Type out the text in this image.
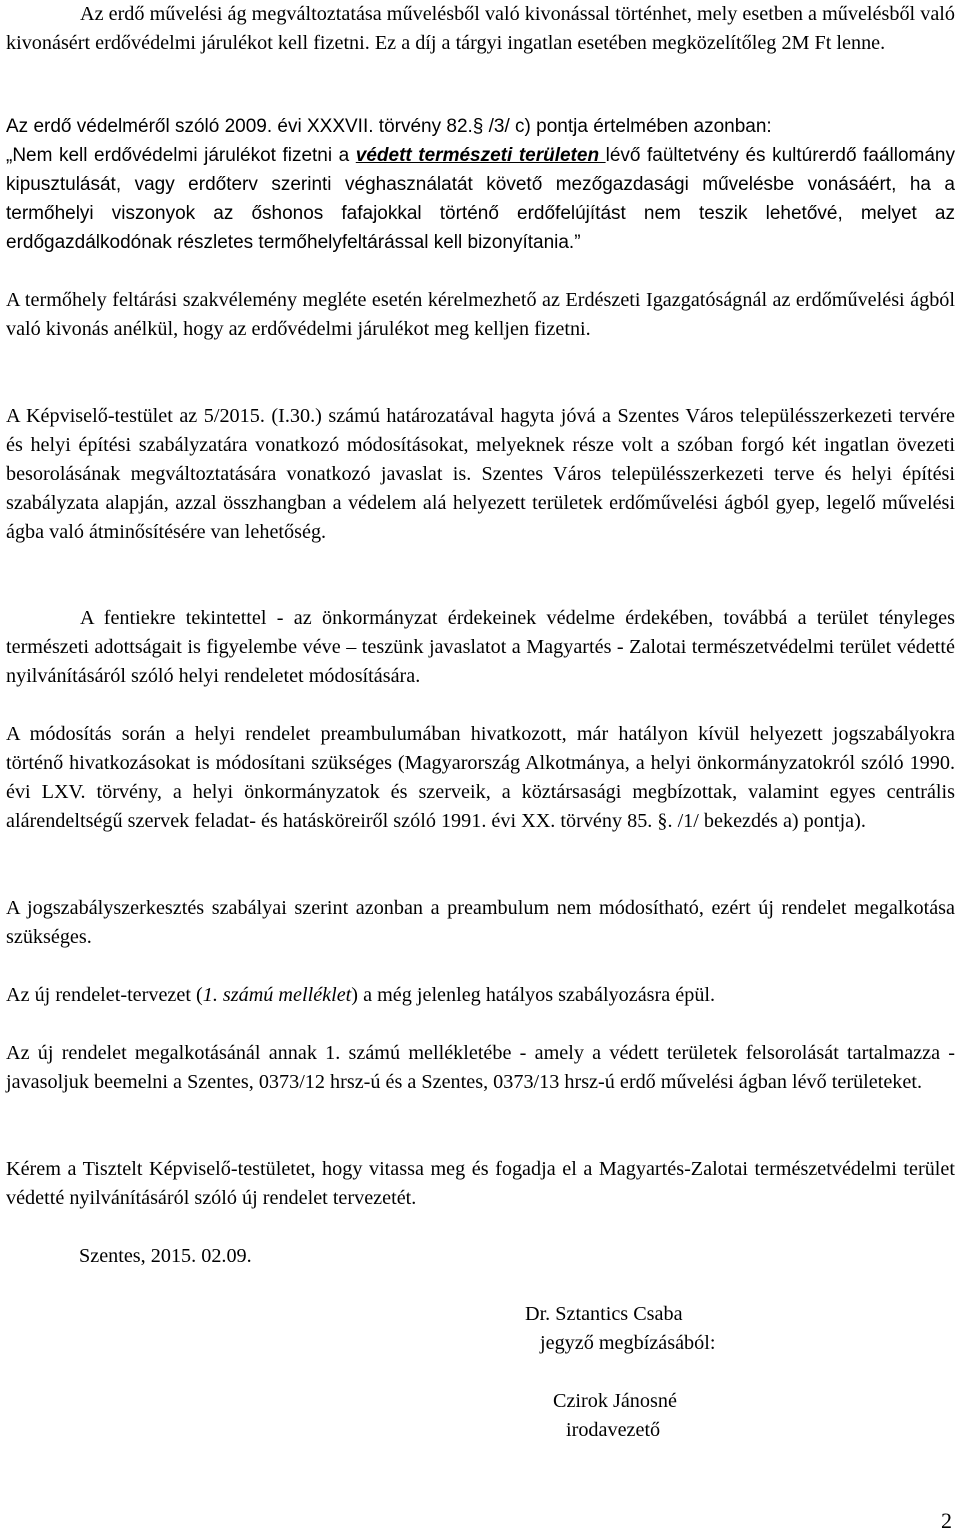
Az erdő művelési ág megváltoztatása művelésből való kivonással történhet, mely esetben a művelésből való kivonásért erdővédelmi járulékot kell fizetni. Ez a díj a tárgyi ingatlan esetében megközelítőleg 2M Ft lenne.

Az erdő védelméről szóló 2009. évi XXXVII. törvény 82.§ /3/ c) pontja értelmében azonban:

„Nem kell erdővédelmi járulékot fizetni a védett természeti területen lévő faültetvény és kultúrerdő faállomány kipusztulását, vagy erdőterv szerinti véghasználatát követő mezőgazdasági művelésbe vonásáért, ha a termőhelyi viszonyok az őshonos fafajokkal történő erdőfelújítást nem teszik lehetővé, melyet az erdőgazdálkodónak részletes termőhelyfeltárással kell bizonyítania.”

A termőhely feltárási szakvélemény megléte esetén kérelmezhető az Erdészeti Igazgatóságnál az erdőművelési ágból való kivonás anélkül, hogy az erdővédelmi járulékot meg kelljen fizetni.

A Képviselő-testület az 5/2015. (I.30.) számú határozatával hagyta jóvá a Szentes Város településszerkezeti tervére és helyi építési szabályzatára vonatkozó módosításokat, melyeknek része volt a szóban forgó két ingatlan övezeti besorolásának megváltoztatására vonatkozó javaslat is. Szentes Város településszerkezeti terve és helyi építési szabályzata alapján, azzal összhangban a védelem alá helyezett területek erdőművelési ágból gyep, legelő művelési ágba való átminősítésére van lehetőség.

A fentiekre tekintettel - az önkormányzat érdekeinek védelme érdekében, továbbá a terület tényleges természeti adottságait is figyelembe véve – teszünk javaslatot a Magyartés - Zalotai természetvédelmi terület védetté nyilvánításáról szóló helyi rendeletet módosítására.

A módosítás során a helyi rendelet preambulumában hivatkozott, már hatályon kívül helyezett jogszabályokra történő hivatkozásokat is módosítani szükséges (Magyarország Alkotmánya, a helyi önkormányzatokról szóló 1990. évi LXV. törvény, a helyi önkormányzatok és szerveik, a köztársasági megbízottak, valamint egyes centrális alárendeltségű szervek feladat- és hatásköreiről szóló 1991. évi XX. törvény 85. §. /1/ bekezdés a) pontja).

A jogszabályszerkesztés szabályai szerint azonban a preambulum nem módosítható, ezért új rendelet megalkotása szükséges.

Az új rendelet-tervezet (1. számú melléklet) a még jelenleg hatályos szabályozásra épül.

Az új rendelet megalkotásánál annak 1. számú mellékletébe - amely a védett területek felsorolását tartalmazza - javasoljuk beemelni a Szentes, 0373/12 hrsz-ú és a Szentes, 0373/13 hrsz-ú erdő művelési ágban lévő területeket.

Kérem a Tisztelt Képviselő-testületet, hogy vitassa meg és fogadja el a Magyartés-Zalotai természetvédelmi terület védetté nyilvánításáról szóló új rendelet tervezetét.

Szentes, 2015. 02.09.

Dr. Sztantics Csaba

jegyző megbízásából:

Czirok Jánosné

irodavezető

2
